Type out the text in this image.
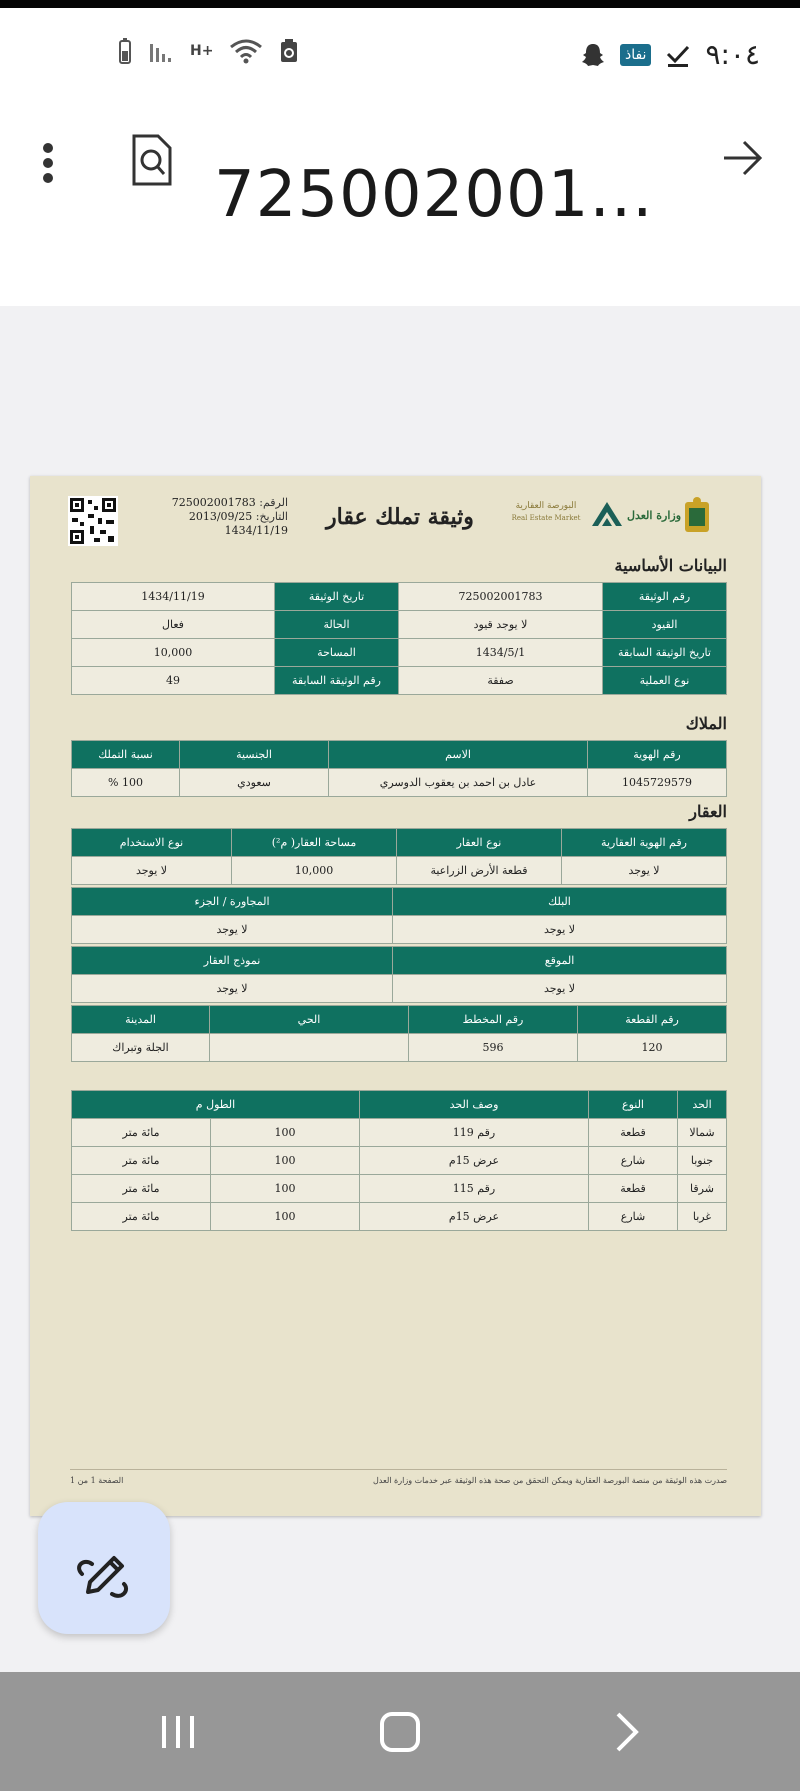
H+	نفاذ ٩:٠٤
725002001...
الرقم: 725002001783
التاريخ: 2013/09/25
1434/11/19
وثيقة تملك عقار	البورصة العقارية
Real Estate Market	وزارة العدل
البيانات الأساسية
رقم الوثيقة	725002001783	تاريخ الوثيقة	1434/11/19
القيود	لا يوجد قيود	الحالة	فعال
تاريخ الوثيقة السابقة	1434/5/1	المساحة	10,000
نوع العملية	صفقة	رقم الوثيقة السابقة	49
الملاك
رقم الهوية	الاسم	الجنسية	نسبة التملك
1045729579	عادل بن احمد بن يعقوب الدوسري	سعودي	100 %
العقار
رقم الهوية العقارية	نوع العقار	مساحة العقار( م²)	نوع الاستخدام
لا يوجد	قطعة الأرض الزراعية	10,000	لا يوجد
البلك	المجاورة / الجزء
لا يوجد	لا يوجد
الموقع	نموذج العقار
لا يوجد	لا يوجد
رقم القطعة	رقم المخطط	الحي	المدينة
120	596		الجلة وتبراك
الحد	النوع	وصف الحد	الطول م	
شمالا	قطعة	رقم 119	100	مائة متر
جنوبا	شارع	عرض 15م	100	مائة متر
شرقا	قطعة	رقم 115	100	مائة متر
غربا	شارع	عرض 15م	100	مائة متر
صدرت هذه الوثيقة من منصة البورصة العقارية ويمكن التحقق من صحة هذه الوثيقة عبر خدمات وزارة العدل
الصفحة 1 من 1
